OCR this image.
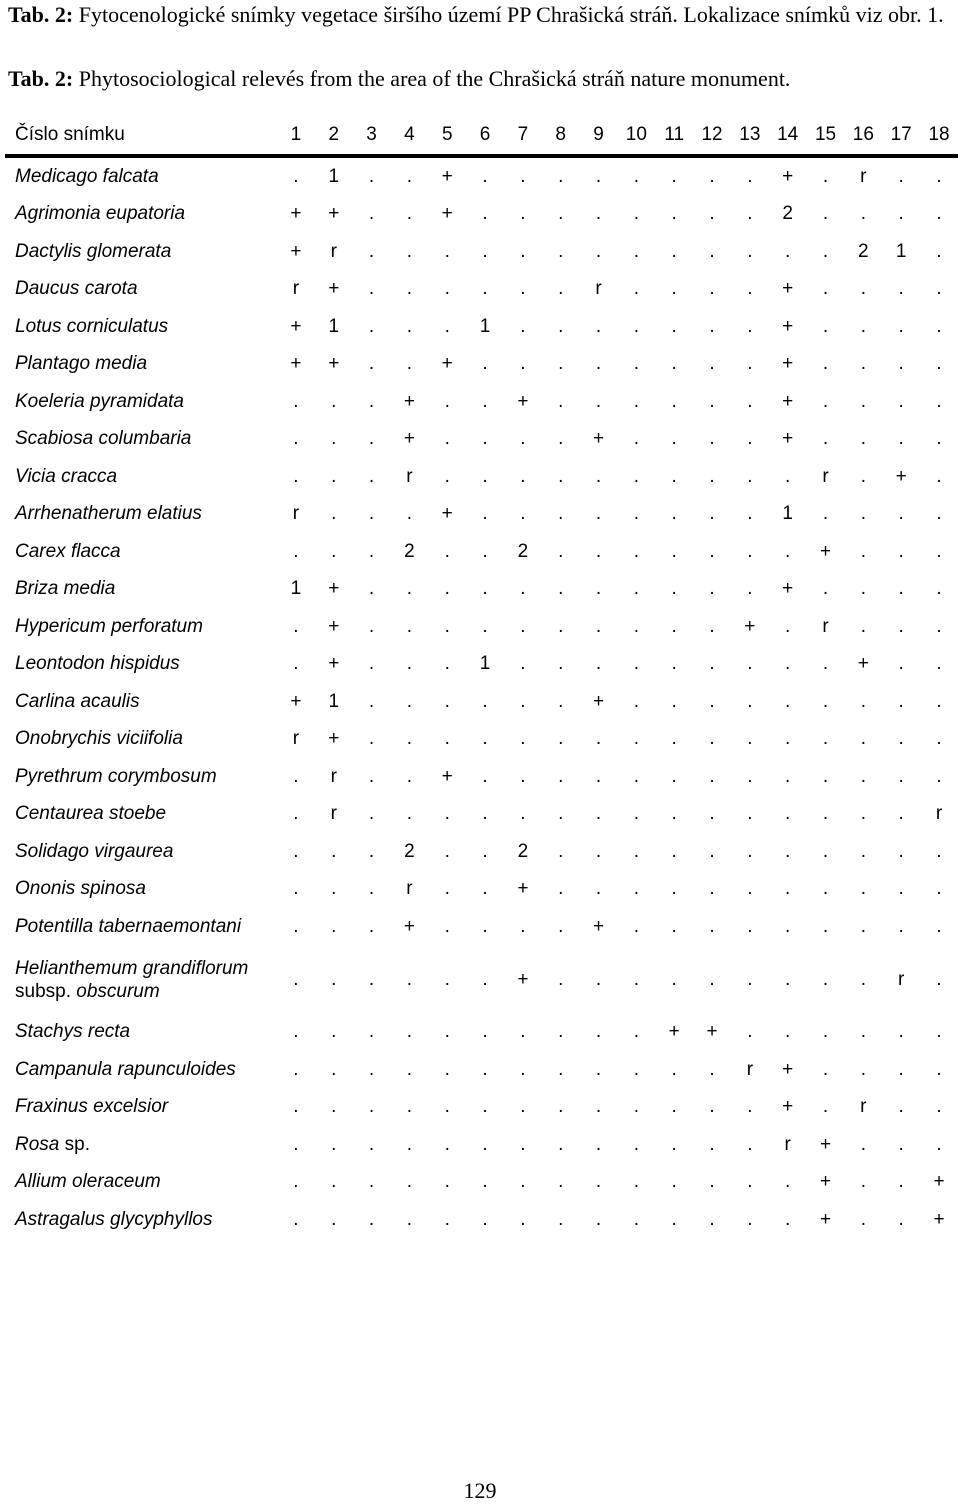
Tab. 2: Fytocenologické snímky vegetace širšího území PP Chrašická stráň. Lokalizace snímků viz obr. 1.
Tab. 2: Phytosociological relevés from the area of the Chrašická stráň nature monument.
Číslo snímku	1	2	3	4	5	6	7	8	9	10	11	12	13	14	15	16	17	18
Medicago falcata	.	1	.	.	+	.	.	.	.	.	.	.	.	+	.	r	.	.
Agrimonia eupatoria	+	+	.	.	+	.	.	.	.	.	.	.	.	2	.	.	.	.
Dactylis glomerata	+	r	.	.	.	.	.	.	.	.	.	.	.	.	.	2	1	.
Daucus carota	r	+	.	.	.	.	.	.	r	.	.	.	.	+	.	.	.	.
Lotus corniculatus	+	1	.	.	.	1	.	.	.	.	.	.	.	+	.	.	.	.
Plantago media	+	+	.	.	+	.	.	.	.	.	.	.	.	+	.	.	.	.
Koeleria pyramidata	.	.	.	+	.	.	+	.	.	.	.	.	.	+	.	.	.	.
Scabiosa columbaria	.	.	.	+	.	.	.	.	+	.	.	.	.	+	.	.	.	.
Vicia cracca	.	.	.	r	.	.	.	.	.	.	.	.	.	.	r	.	+	.
Arrhenatherum elatius	r	.	.	.	+	.	.	.	.	.	.	.	.	1	.	.	.	.
Carex flacca	.	.	.	2	.	.	2	.	.	.	.	.	.	.	+	.	.	.
Briza media	1	+	.	.	.	.	.	.	.	.	.	.	.	+	.	.	.	.
Hypericum perforatum	.	+	.	.	.	.	.	.	.	.	.	.	+	.	r	.	.	.
Leontodon hispidus	.	+	.	.	.	1	.	.	.	.	.	.	.	.	.	+	.	.
Carlina acaulis	+	1	.	.	.	.	.	.	+	.	.	.	.	.	.	.	.	.
Onobrychis viciifolia	r	+	.	.	.	.	.	.	.	.	.	.	.	.	.	.	.	.
Pyrethrum corymbosum	.	r	.	.	+	.	.	.	.	.	.	.	.	.	.	.	.	.
Centaurea stoebe	.	r	.	.	.	.	.	.	.	.	.	.	.	.	.	.	.	r
Solidago virgaurea	.	.	.	2	.	.	2	.	.	.	.	.	.	.	.	.	.	.
Ononis spinosa	.	.	.	r	.	.	+	.	.	.	.	.	.	.	.	.	.	.
Potentilla tabernaemontani	.	.	.	+	.	.	.	.	+	.	.	.	.	.	.	.	.	.
Helianthemum grandiflorum subsp. obscurum	.	.	.	.	.	.	+	.	.	.	.	.	.	.	.	.	r	.
Stachys recta	.	.	.	.	.	.	.	.	.	.	+	+	.	.	.	.	.	.
Campanula rapunculoides	.	.	.	.	.	.	.	.	.	.	.	.	r	+	.	.	.	.
Fraxinus excelsior	.	.	.	.	.	.	.	.	.	.	.	.	.	+	.	r	.	.
Rosa sp.	.	.	.	.	.	.	.	.	.	.	.	.	.	r	+	.	.	.
Allium oleraceum	.	.	.	.	.	.	.	.	.	.	.	.	.	.	+	.	.	+
Astragalus glycyphyllos	.	.	.	.	.	.	.	.	.	.	.	.	.	.	+	.	.	+
129
